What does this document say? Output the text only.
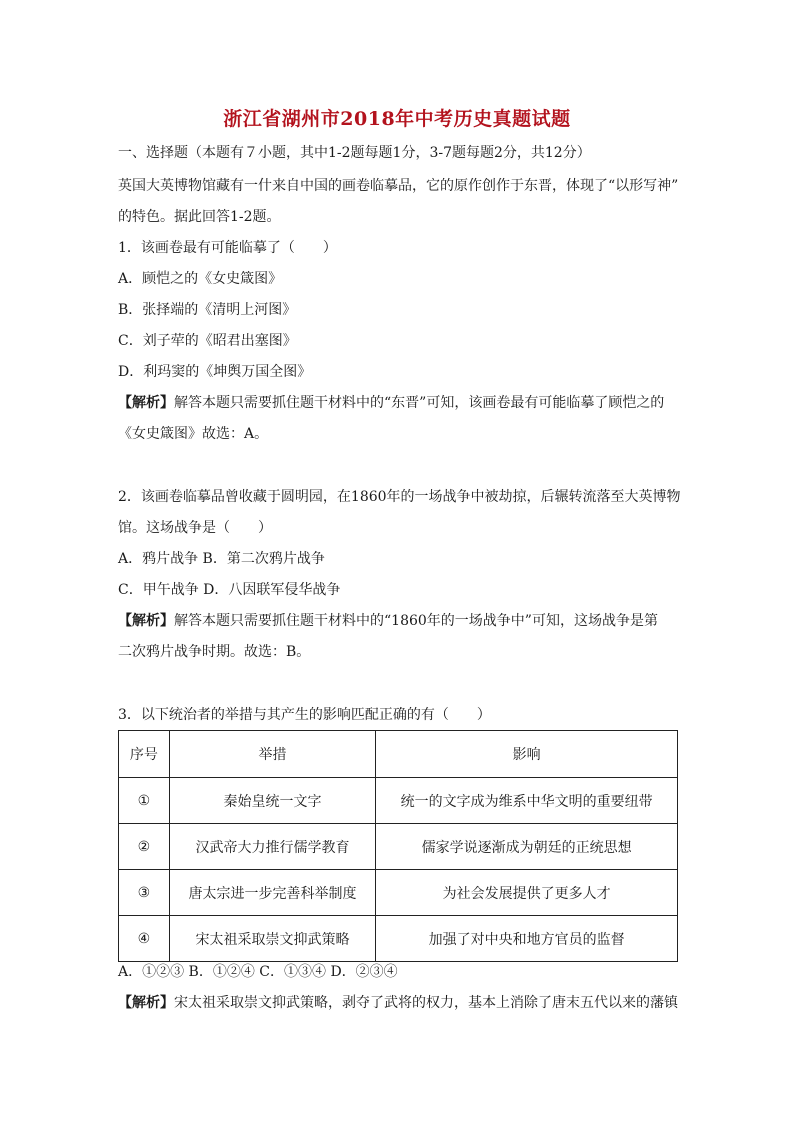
浙江省湖州市2018年中考历史真题试题
一、选择题（本题有７小题，其中1-2题每题1分，3-7题每题2分，共12分）
英国大英博物馆藏有一什来自中国的画卷临摹品，它的原作创作于东晋，体现了“以形写神”
的特色。据此回答1-2题。
1．该画卷最有可能临摹了（　　）
A．顾恺之的《女史箴图》
B．张择端的《清明上河图》
C．刘子荦的《昭君出塞图》
D．利玛窦的《坤舆万国全图》
【解析】解答本题只需要抓住题干材料中的“东晋”可知，该画卷最有可能临摹了顾恺之的
《女史箴图》故选：A。
2．该画卷临摹品曾收藏于圆明园，在1860年的一场战争中被劫掠，后辗转流落至大英博物
馆。这场战争是（　　）
A．鸦片战争 B．第二次鸦片战争
C．甲午战争 D．八因联军侵华战争
【解析】解答本题只需要抓住题干材料中的“1860年的一场战争中”可知，这场战争是第
二次鸦片战争时期。故选：B。
3．以下统治者的举措与其产生的影响匹配正确的有（　　）
序号	举措	影响
①	秦始皇统一文字	统一的文字成为维系中华文明的重要纽带
②	汉武帝大力推行儒学教育	儒家学说逐渐成为朝廷的正统思想
③	唐太宗进一步完善科举制度	为社会发展提供了更多人才
④	宋太祖采取崇文抑武策略	加强了对中央和地方官员的监督
A．①②③ B．①②④ C．①③④ D．②③④
【解析】宋太祖采取崇文抑武策略，剥夺了武将的权力，基本上消除了唐末五代以来的藩镇
